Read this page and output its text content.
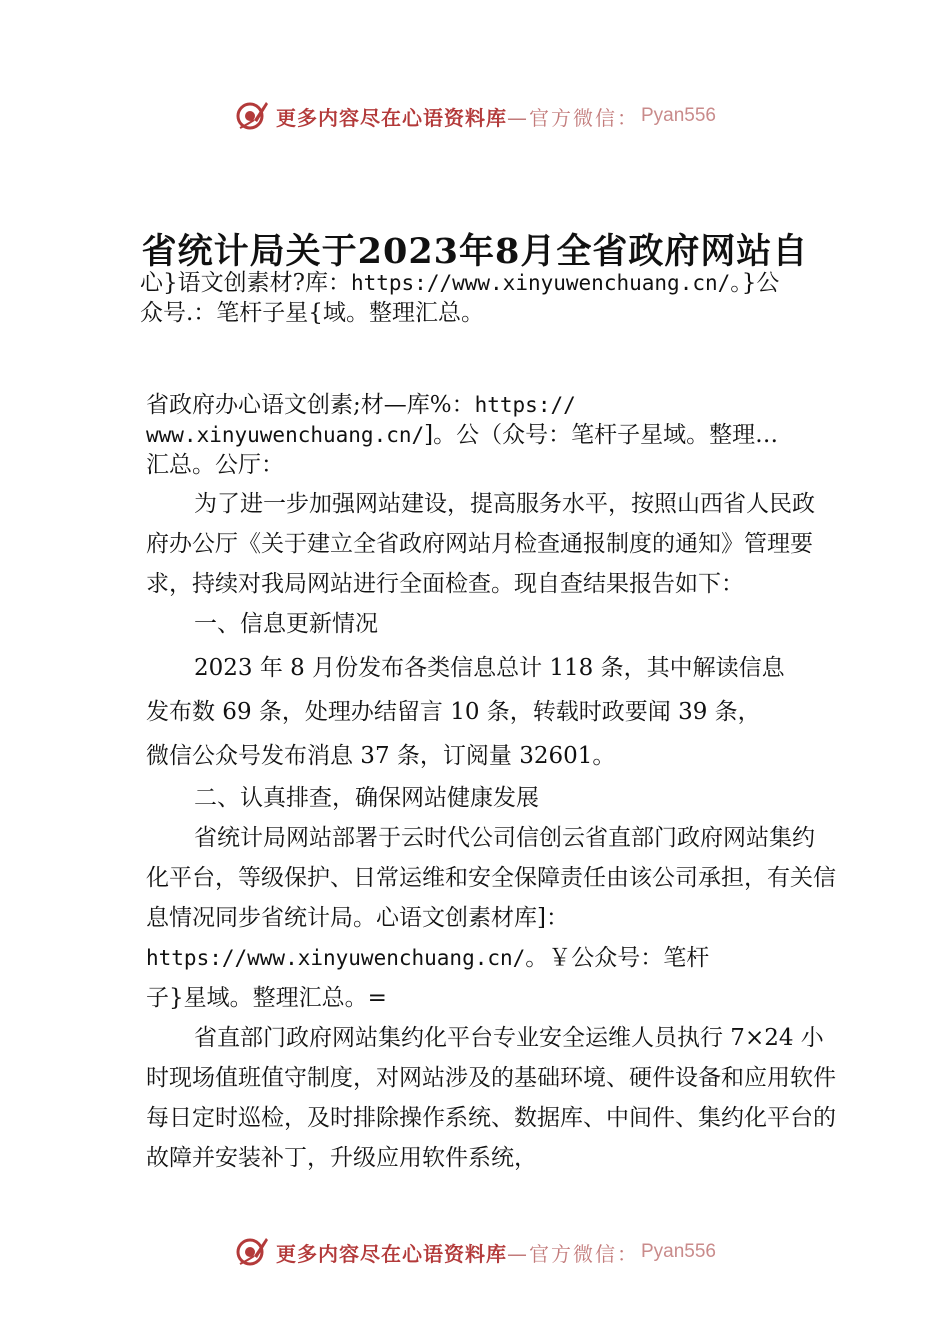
更多内容尽在心语资料库 —官方微信： Pyan556
省统计局关于2023年8月全省政府网站自
心}语文创素材?库：https://www.xinyuwenchuang.cn/。}公
众号.：笔杆子星{域。整理汇总。
省政府办心语文创素;材—库%：https://
www.xinyuwenchuang.cn/]。公（众号：笔杆子星域。整理…
汇总。公厅：

为了进一步加强网站建设，提高服务水平，按照山西省人民政府办公厅《关于建立全省政府网站月检查通报制度的通知》管理要求，持续对我局网站进行全面检查。现自查结果报告如下：

一、信息更新情况

2023 年 8 月份发布各类信息总计 118 条，其中解读信息
发布数 69 条，处理办结留言 10 条，转载时政要闻 39 条，
微信公众号发布消息 37 条，订阅量 32601。

二、认真排查，确保网站健康发展

省统计局网站部署于云时代公司信创云省直部门政府网站集约化平台，等级保护、日常运维和安全保障责任由该公司承担，有关信息情况同步省统计局。心语文创素材库]：https://www.xinyuwenchuang.cn/。￥公众号：笔杆
子}星域。整理汇总。=

省直部门政府网站集约化平台专业安全运维人员执行 7×24 小时现场值班值守制度，对网站涉及的基础环境、硬件设备和应用软件每日定时巡检，及时排除操作系统、数据库、中间件、集约化平台的故障并安装补丁，升级应用软件系统，

更多内容尽在心语资料库 —官方微信： Pyan556
